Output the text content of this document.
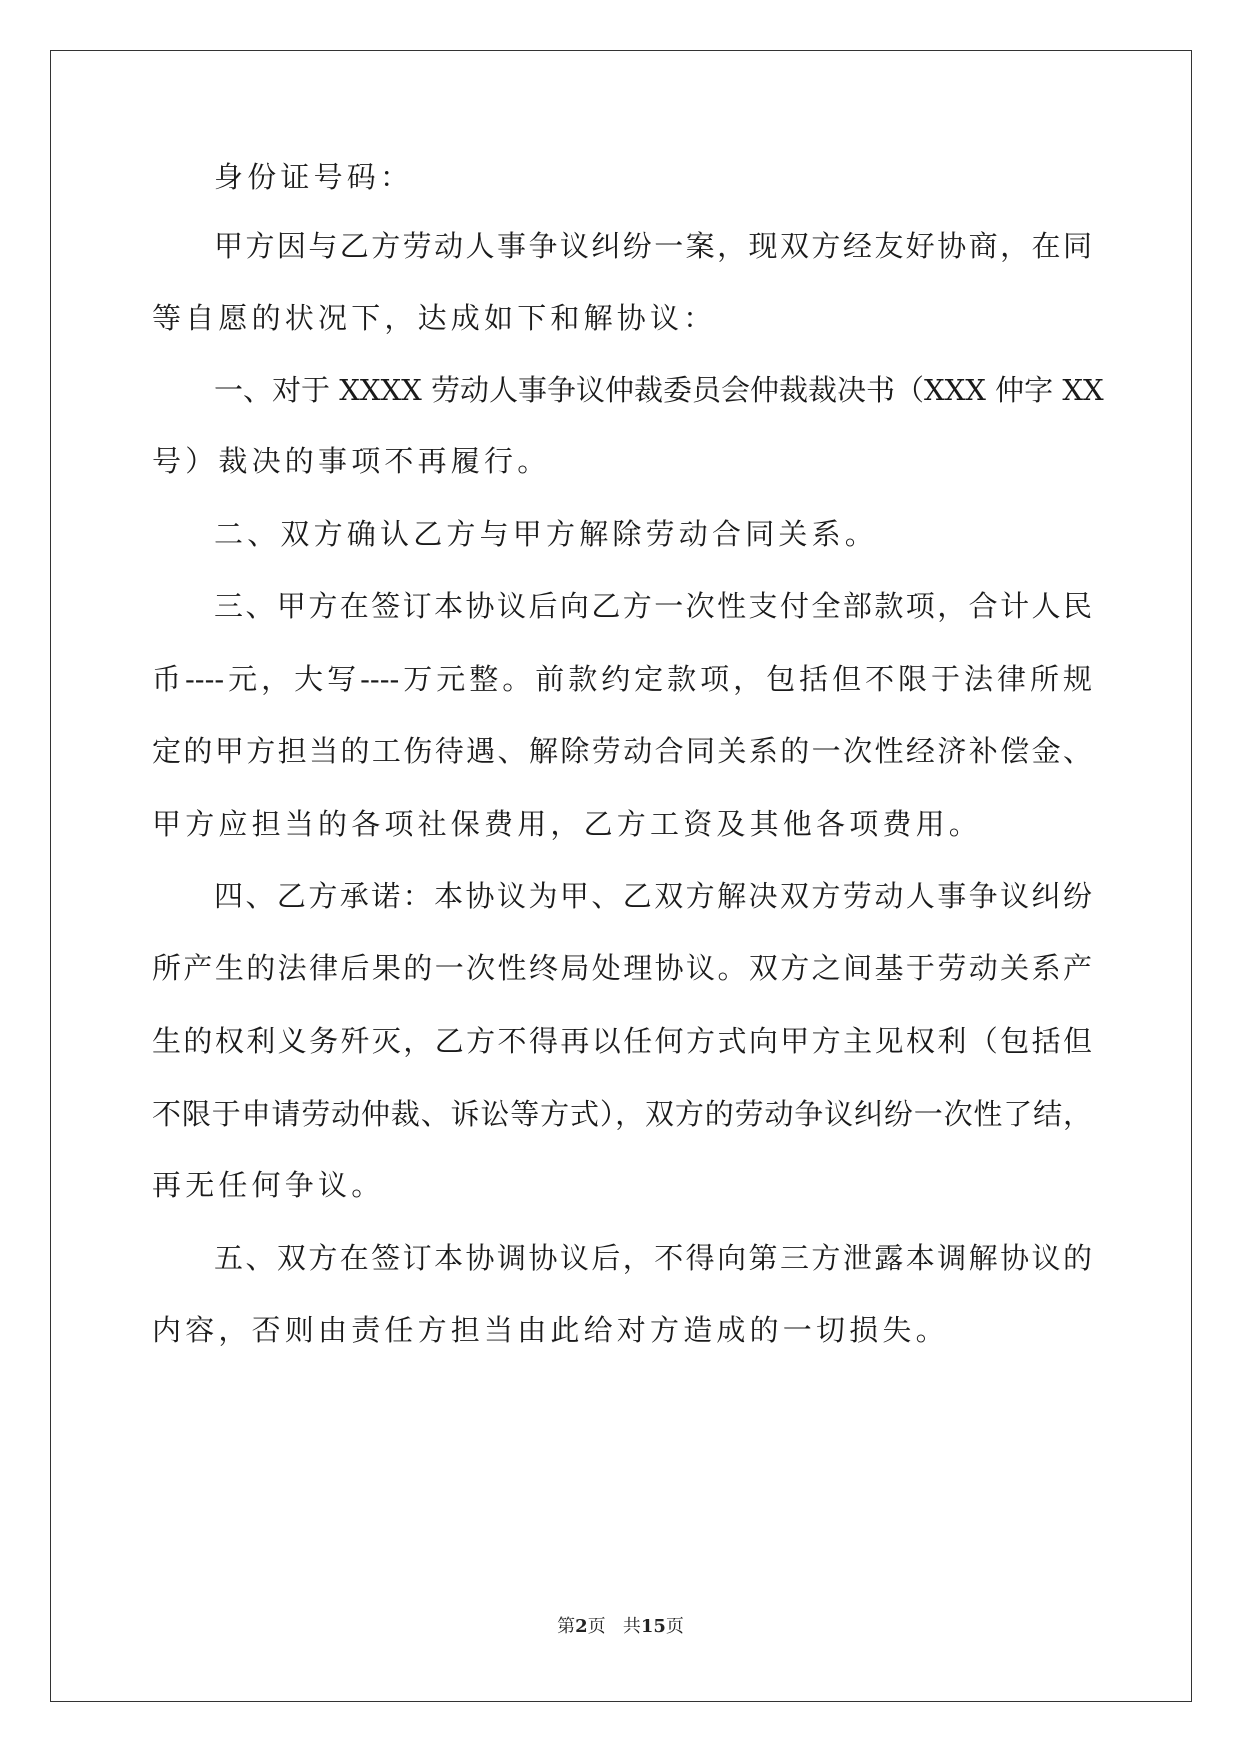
身份证号码：
甲方因与乙方劳动人事争议纠纷一案，现双方经友好协商，在同
等自愿的状况下，达成如下和解协议：
一、对于 XXXX 劳动人事争议仲裁委员会仲裁裁决书（XXX 仲字 XX
号）裁决的事项不再履行。
二、双方确认乙方与甲方解除劳动合同关系。
三、甲方在签订本协议后向乙方一次性支付全部款项，合计人民
币----元，大写----万元整。前款约定款项，包括但不限于法律所规
定的甲方担当的工伤待遇、解除劳动合同关系的一次性经济补偿金、
甲方应担当的各项社保费用，乙方工资及其他各项费用。
四、乙方承诺：本协议为甲、乙双方解决双方劳动人事争议纠纷
所产生的法律后果的一次性终局处理协议。双方之间基于劳动关系产
生的权利义务歼灭，乙方不得再以任何方式向甲方主见权利（包括但
不限于申请劳动仲裁、诉讼等方式），双方的劳动争议纠纷一次性了结，
再无任何争议。
五、双方在签订本协调协议后，不得向第三方泄露本调解协议的
内容，否则由责任方担当由此给对方造成的一切损失。
第2页 共15页
